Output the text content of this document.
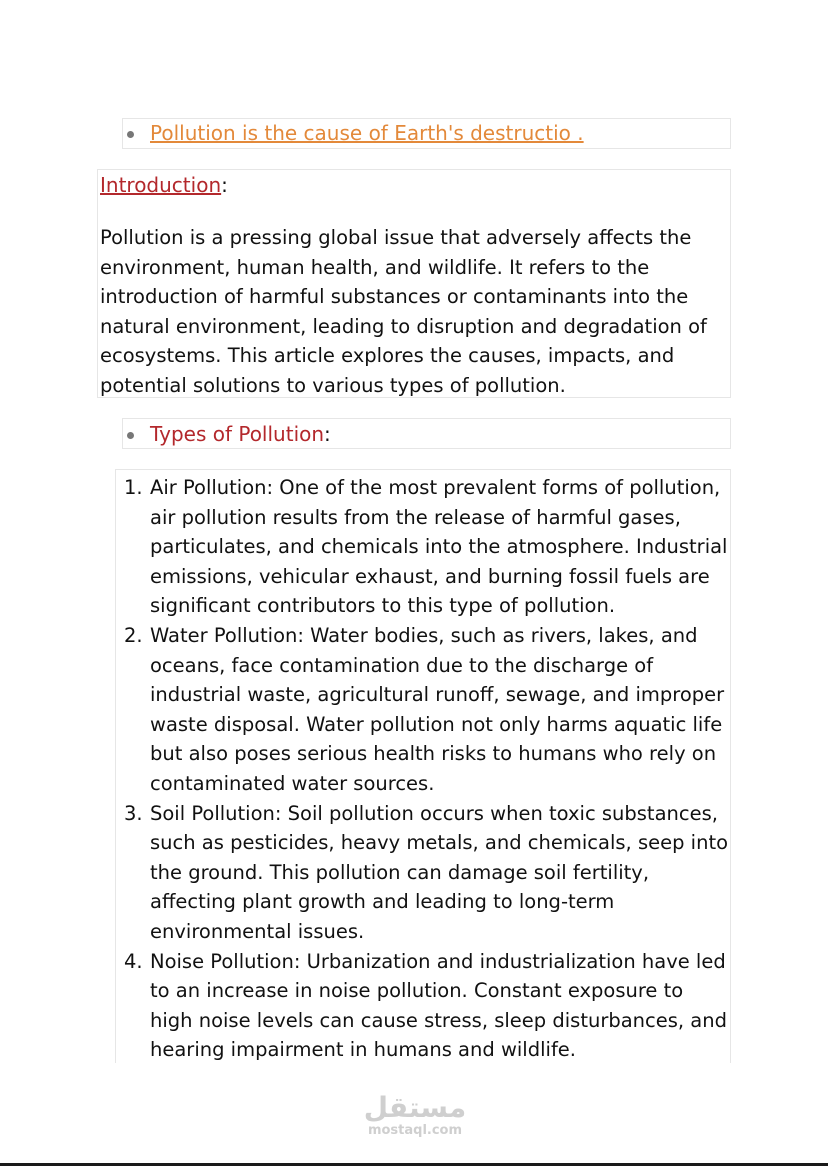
Pollution is the cause of Earth's destructio .
Introduction:

Pollution is a pressing global issue that adversely affects the environment, human health, and wildlife. It refers to the introduction of harmful substances or contaminants into the natural environment, leading to disruption and degradation of ecosystems. This article explores the causes, impacts, and potential solutions to various types of pollution.

Types of Pollution:
1. Air Pollution: One of the most prevalent forms of pollution, air pollution results from the release of harmful gases, particulates, and chemicals into the atmosphere. Industrial emissions, vehicular exhaust, and burning fossil fuels are significant contributors to this type of pollution.
2. Water Pollution: Water bodies, such as rivers, lakes, and oceans, face contamination due to the discharge of industrial waste, agricultural runoff, sewage, and improper waste disposal. Water pollution not only harms aquatic life but also poses serious health risks to humans who rely on contaminated water sources.
3. Soil Pollution: Soil pollution occurs when toxic substances, such as pesticides, heavy metals, and chemicals, seep into the ground. This pollution can damage soil fertility, affecting plant growth and leading to long-term environmental issues.
4. Noise Pollution: Urbanization and industrialization have led to an increase in noise pollution. Constant exposure to high noise levels can cause stress, sleep disturbances, and hearing impairment in humans and wildlife.
مستقل
mostaql.com
